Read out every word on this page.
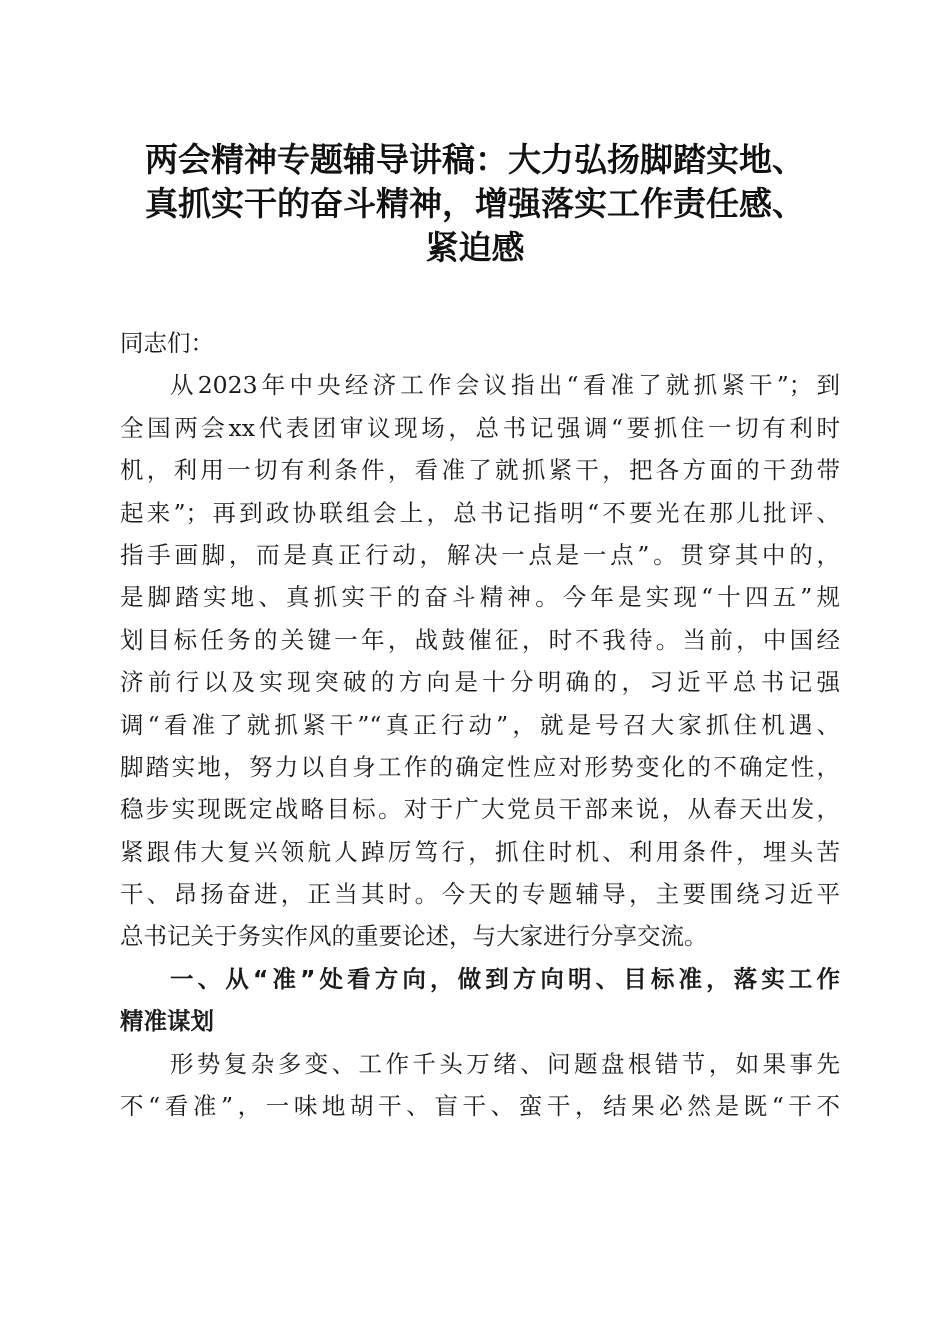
两会精神专题辅导讲稿：大力弘扬脚踏实地、
真抓实干的奋斗精神，增强落实工作责任感、
紧迫感
同志们：
从2023年中央经济工作会议指出“看准了就抓紧干”；到
全国两会xx代表团审议现场，总书记强调“要抓住一切有利时
机，利用一切有利条件，看准了就抓紧干，把各方面的干劲带
起来”；再到政协联组会上，总书记指明“不要光在那儿批评、
指手画脚，而是真正行动，解决一点是一点”。贯穿其中的，
是脚踏实地、真抓实干的奋斗精神。今年是实现“十四五”规
划目标任务的关键一年，战鼓催征，时不我待。当前，中国经
济前行以及实现突破的方向是十分明确的，习近平总书记强
调“看准了就抓紧干”“真正行动”，就是号召大家抓住机遇、
脚踏实地，努力以自身工作的确定性应对形势变化的不确定性，
稳步实现既定战略目标。对于广大党员干部来说，从春天出发，
紧跟伟大复兴领航人踔厉笃行，抓住时机、利用条件，埋头苦
干、昂扬奋进，正当其时。今天的专题辅导，主要围绕习近平
总书记关于务实作风的重要论述，与大家进行分享交流。
一、从“准”处看方向，做到方向明、目标准，落实工作
精准谋划
形势复杂多变、工作千头万绪、问题盘根错节，如果事先
不“看准”，一味地胡干、盲干、蛮干，结果必然是既“干不
